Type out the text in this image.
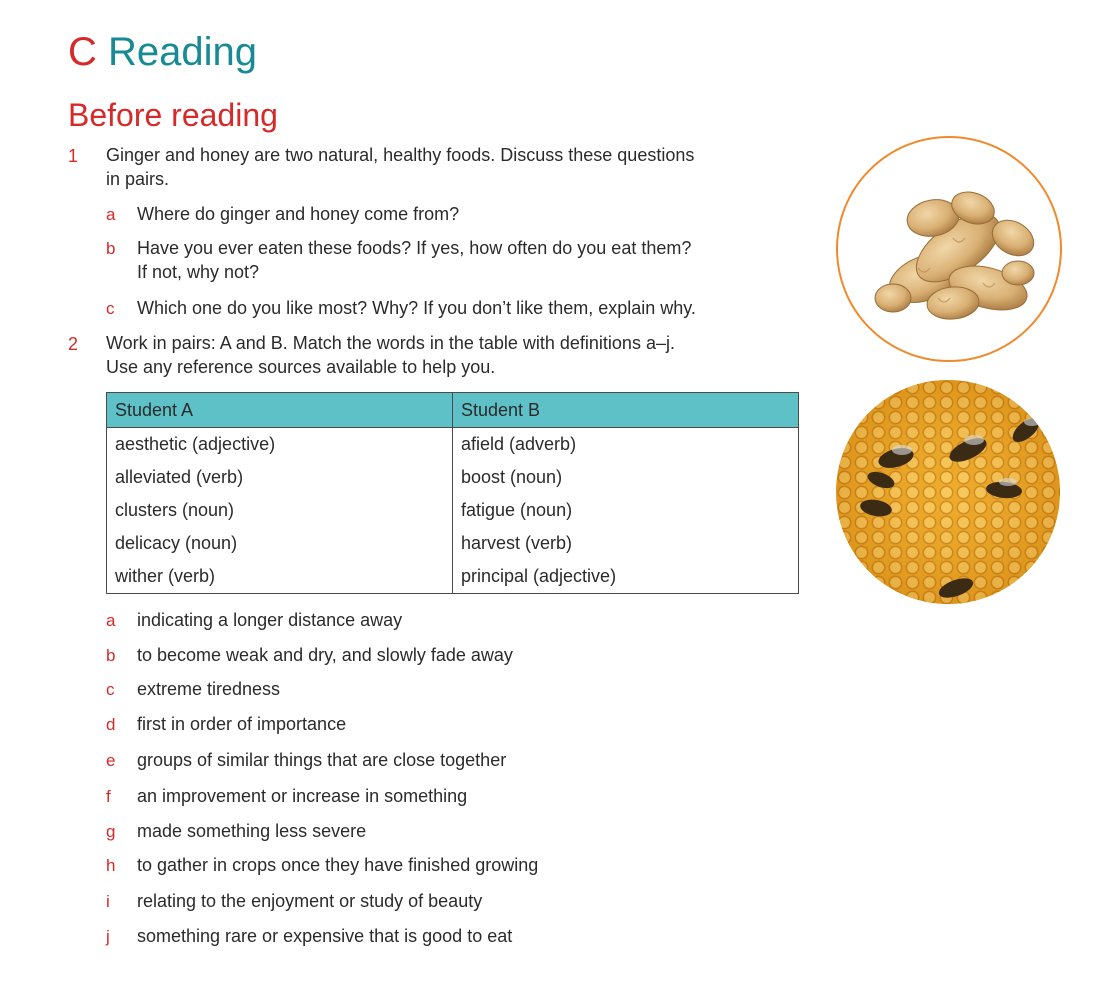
C Reading
Before reading
1 Ginger and honey are two natural, healthy foods. Discuss these questions
in pairs.
a	Where do ginger and honey come from?
b	Have you ever eaten these foods? If yes, how often do you eat them?
If not, why not?
c	Which one do you like most? Why? If you don’t like them, explain why.
2 Work in pairs: A and B. Match the words in the table with definitions a–j.
Use any reference sources available to help you.
Student A	Student B
aesthetic (adjective)	afield (adverb)
alleviated (verb)	boost (noun)
clusters (noun)	fatigue (noun)
delicacy (noun)	harvest (verb)
wither (verb)	principal (adjective)
a	indicating a longer distance away
b	to become weak and dry, and slowly fade away
c	extreme tiredness
d	first in order of importance
e	groups of similar things that are close together
f	an improvement or increase in something
g	made something less severe
h	to gather in crops once they have finished growing
i	relating to the enjoyment or study of beauty
j	something rare or expensive that is good to eat
